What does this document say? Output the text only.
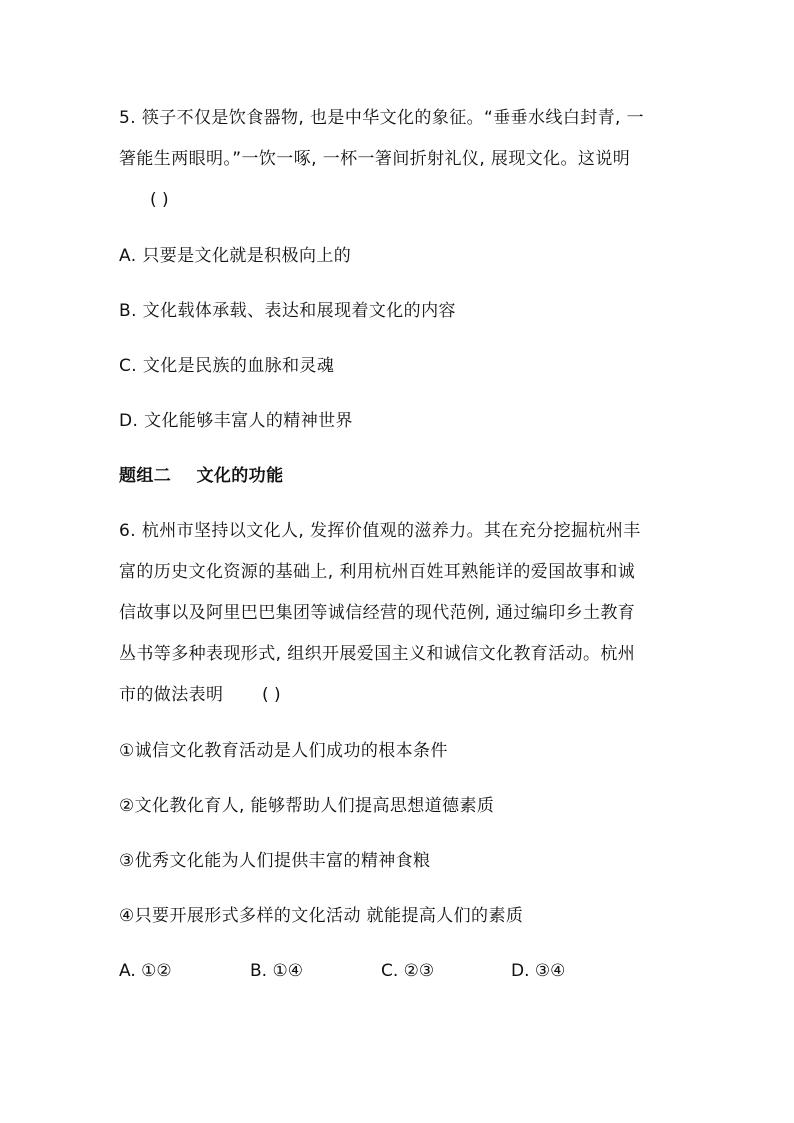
5. 筷子不仅是饮食器物, 也是中华文化的象征。“垂垂水线白封青, 一
箸能生两眼明。”一饮一啄, 一杯一箸间折射礼仪, 展现文化。这说明
( )
A. 只要是文化就是积极向上的
B. 文化载体承载、表达和展现着文化的内容
C. 文化是民族的血脉和灵魂
D. 文化能够丰富人的精神世界
题组二    文化的功能
6. 杭州市坚持以文化人, 发挥价值观的滋养力。其在充分挖掘杭州丰
富的历史文化资源的基础上, 利用杭州百姓耳熟能详的爱国故事和诚
信故事以及阿里巴巴集团等诚信经营的现代范例, 通过编印乡土教育
丛书等多种表现形式, 组织开展爱国主义和诚信文化教育活动。杭州
市的做法表明 ( )
①诚信文化教育活动是人们成功的根本条件
②文化教化育人, 能够帮助人们提高思想道德素质
③优秀文化能为人们提供丰富的精神食粮
④只要开展形式多样的文化活动 就能提高人们的素质
A. ①②	B. ①④	C. ②③	D. ③④
